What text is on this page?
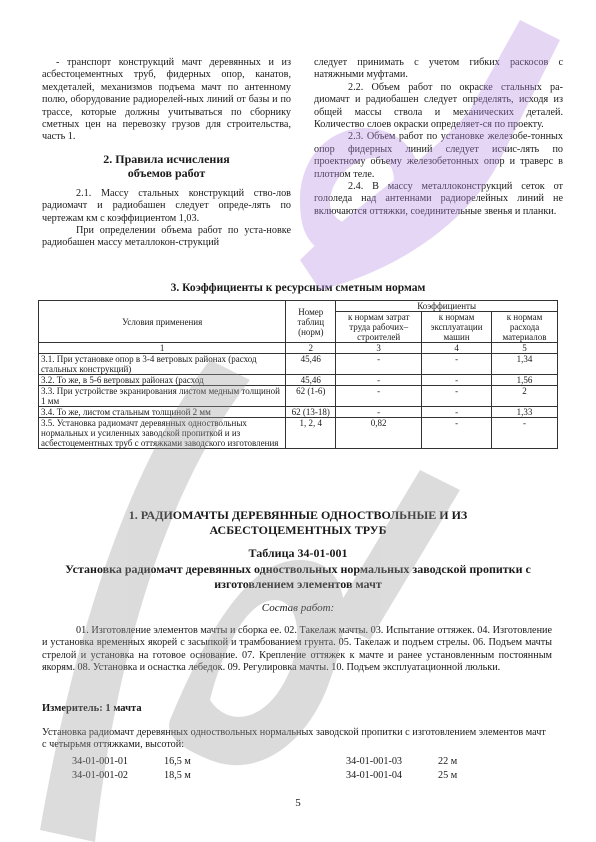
- транспорт конструкций мачт деревянных и из асбестоцементных труб, фидерных опор, канатов, мехдеталей, механизмов подъема мачт по антенному полю, оборудование радиорелей-ных линий от базы и по трассе, которые должны учитываться по сборнику сметных цен на перевозку грузов для строительства, часть 1.

2. Правила исчисления
объемов работ

2.1. Массу стальных конструкций ство-лов радиомачт и радиобашен следует опреде-лять по чертежам км с коэффициентом 1,03.

При определении объема работ по уста-новке радиобашен массу металлокон-струкций

следует принимать с учетом гибких раскосов с натяжными муфтами.

2.2. Объем работ по окраске стальных ра-диомачт и радиобашен следует определять, исходя из общей массы ствола и механических деталей. Количество слоев окраски определяет-ся по проекту.

2.3. Объем работ по установке железобе-тонных опор фидерных линий следует исчис-лять по проектному объему железобетонных опор и траверс в плотном теле.

2.4. В массу металлоконструкций сеток от гололеда над антеннами радиорелейных линий не включаются оттяжки, соединительные звенья и планки.

3. Коэффициенты к ресурсным сметным нормам
Условия применения	Номер таблиц (норм)	Коэффициенты		
		к нормам затрат труда рабочих–строителей	к нормам эксплуатации машин	к нормам расхода материалов
1	2	3	4	5
3.1. При установке опор в 3-4 ветровых районах (расход стальных конструкций)	45,46	-	-	1,34
3.2. То же, в 5-6 ветровых районах (расход	45,46	-	-	1,56
3.3. При устройстве экранирования листом медным толщиной 1 мм	62 (1-6)	-	-	2
3.4. То же, листом стальным толщиной 2 мм	62 (13-18)	-	-	1,33
3.5. Установка радиомачт деревянных одноствольных нормальных и усиленных заводской пропиткой и из асбестоцементных труб с оттяжками заводского изготовления	1, 2, 4	0,82	-	-
1. РАДИОМАЧТЫ ДЕРЕВЯННЫЕ ОДНОСТВОЛЬНЫЕ И ИЗ АСБЕСТОЦЕМЕНТНЫХ ТРУБ
Таблица 34-01-001
Установка радиомачт деревянных одноствольных нормальных заводской пропитки с изготовлением элементов мачт
Состав работ:
01. Изготовление элементов мачты и сборка ее. 02. Такелаж мачты. 03. Испытание оттяжек. 04. Изготовление и установка временных якорей с засыпкой и трамбованием грунта. 05. Такелаж и подъем стрелы. 06. Подъем мачты стрелой и установка на готовое основание. 07. Крепление оттяжек к мачте и ранее установленным постоянным якорям. 08. Установка и оснастка лебедок. 09. Регулировка мачты. 10. Подъем эксплуатационной люльки.
Измеритель: 1 мачта
Установка радиомачт деревянных одноствольных нормальных заводской пропитки с изготовлением элементов мачт с четырьмя оттяжками, высотой:
34-01-001-01	16,5 м
34-01-001-02	18,5 м
34-01-001-03	22 м
34-01-001-04	25 м
5
